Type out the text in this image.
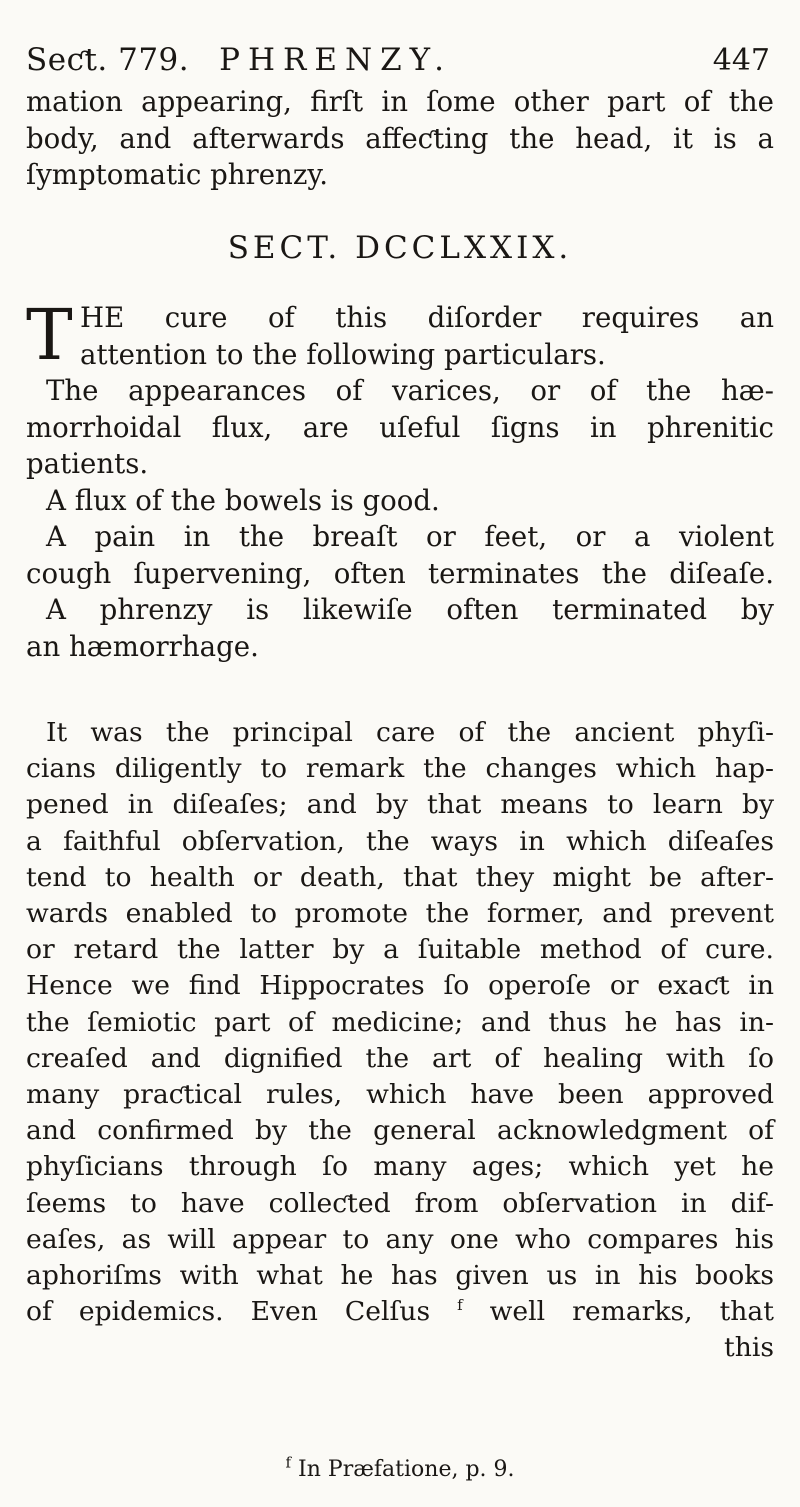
Seƈt. 779. PHRENZY.	447

mation appearing, firſt in ſome other part of the
body, and afterwards affeƈting the head, it is a
ſymptomatic phrenzy.

SECT. DCCLXXIX.
T HE cure of this diſorder requires an
attention to the following particulars.

The appearances of varices, or of the hæ-
morrhoidal flux, are uſeful ſigns in phrenitic
patients.

A flux of the bowels is good.

A pain in the breaſt or feet, or a violent
cough ſupervening, often terminates the diſeaſe.

A phrenzy is likewiſe often terminated by
an hæmorrhage.

It was the principal care of the ancient phyſi-
cians diligently to remark the changes which hap-
pened in diſeaſes; and by that means to learn by
a faithful obſervation, the ways in which diſeaſes
tend to health or death, that they might be after-
wards enabled to promote the former, and prevent
or retard the latter by a ſuitable method of cure.
Hence we find Hippocrates ſo operoſe or exaƈt in
the ſemiotic part of medicine; and thus he has in-
creaſed and dignified the art of healing with ſo
many praƈtical rules, which have been approved
and confirmed by the general acknowledgment of
phyſicians through ſo many ages; which yet he
ſeems to have colleƈted from obſervation in dif-
eaſes, as will appear to any one who compares his
aphoriſms with what he has given us in his books
of epidemics. Even Celſus $^f$ well remarks, that
this

$^f$ In Præfatione, p. 9.
